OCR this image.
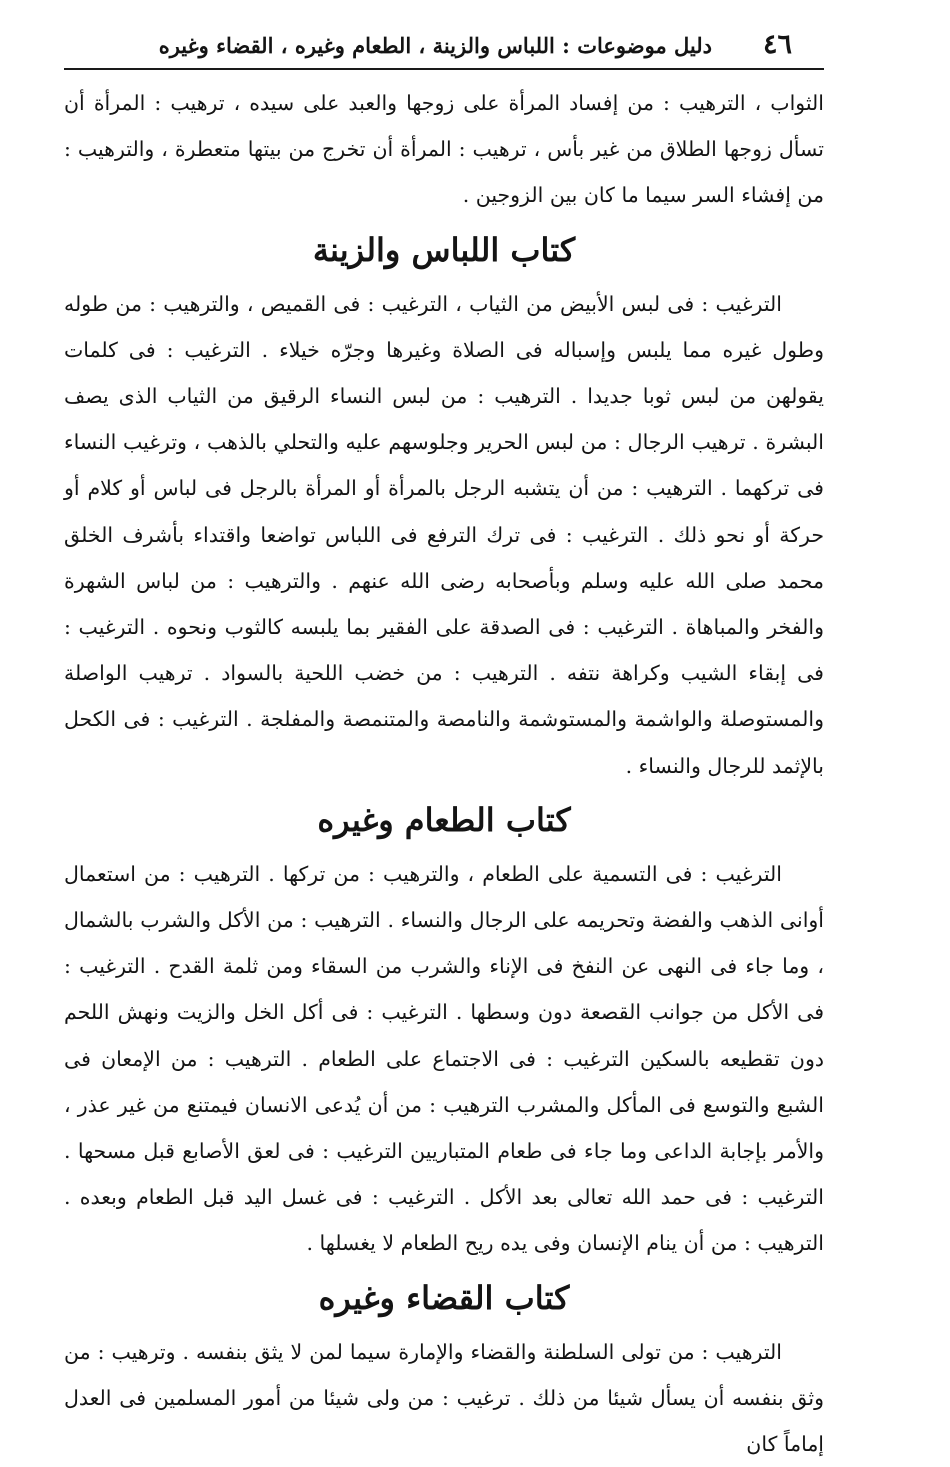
٤٦
دليل موضوعات : اللباس والزينة ، الطعام وغيره ، القضاء وغيره

الثواب ، الترهيب : من إفساد المرأة على زوجها والعبد على سيده ، ترهيب : المرأة أن تسأل زوجها الطلاق من غير بأس ، ترهيب : المرأة أن تخرج من بيتها متعطرة ، والترهيب : من إفشاء السر سيما ما كان بين الزوجين .

كتاب اللباس والزينة

الترغيب : فى لبس الأبيض من الثياب ، الترغيب : فى القميص ، والترهيب : من طوله وطول غيره مما يلبس وإسباله فى الصلاة وغيرها وجرّه خيلاء . الترغيب : فى كلمات يقولهن من لبس ثوبا جديدا . الترهيب : من لبس النساء الرقيق من الثياب الذى يصف البشرة . ترهيب الرجال : من لبس الحرير وجلوسهم عليه والتحلي بالذهب ، وترغيب النساء فى تركهما . الترهيب : من أن يتشبه الرجل بالمرأة أو المرأة بالرجل فى لباس أو كلام أو حركة أو نحو ذلك . الترغيب : فى ترك الترفع فى اللباس تواضعا واقتداء بأشرف الخلق محمد صلى الله عليه وسلم وبأصحابه رضى الله عنهم . والترهيب : من لباس الشهرة والفخر والمباهاة . الترغيب : فى الصدقة على الفقير بما يلبسه كالثوب ونحوه . الترغيب : فى إبقاء الشيب وكراهة نتفه . الترهيب : من خضب اللحية بالسواد . ترهيب الواصلة والمستوصلة والواشمة والمستوشمة والنامصة والمتنمصة والمفلجة . الترغيب : فى الكحل بالإثمد للرجال والنساء .

كتاب الطعام وغيره

الترغيب : فى التسمية على الطعام ، والترهيب : من تركها . الترهيب : من استعمال أوانى الذهب والفضة وتحريمه على الرجال والنساء . الترهيب : من الأكل والشرب بالشمال ، وما جاء فى النهى عن النفخ فى الإناء والشرب من السقاء ومن ثلمة القدح . الترغيب : فى الأكل من جوانب القصعة دون وسطها . الترغيب : فى أكل الخل والزيت ونهش اللحم دون تقطيعه بالسكين الترغيب : فى الاجتماع على الطعام . الترهيب : من الإمعان فى الشبع والتوسع فى المأكل والمشرب الترهيب : من أن يُدعى الانسان فيمتنع من غير عذر ، والأمر بإجابة الداعى وما جاء فى طعام المتباريين الترغيب : فى لعق الأصابع قبل مسحها . الترغيب : فى حمد الله تعالى بعد الأكل . الترغيب : فى غسل اليد قبل الطعام وبعده . الترهيب : من أن ينام الإنسان وفى يده ريح الطعام لا يغسلها .

كتاب القضاء وغيره

الترهيب : من تولى السلطنة والقضاء والإمارة سيما لمن لا يثق بنفسه . وترهيب : من وثق بنفسه أن يسأل شيئا من ذلك . ترغيب : من ولى شيئا من أمور المسلمين فى العدل إماماً كان
